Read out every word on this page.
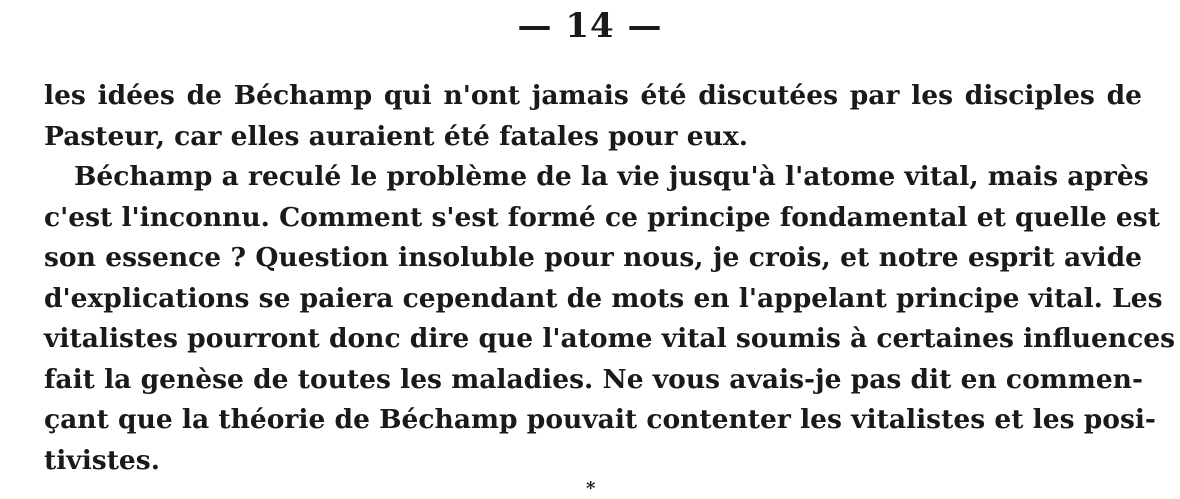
— 14 —
les idées de Béchamp qui n'ont jamais été discutées par les disciples de
Pasteur, car elles auraient été fatales pour eux.
Béchamp a reculé le problème de la vie jusqu'à l'atome vital, mais après
c'est l'inconnu. Comment s'est formé ce principe fondamental et quelle est
son essence ? Question insoluble pour nous, je crois, et notre esprit avide
d'explications se paiera cependant de mots en l'appelant principe vital. Les
vitalistes pourront donc dire que l'atome vital soumis à certaines influences
fait la genèse de toutes les maladies. Ne vous avais-je pas dit en commen-
çant que la théorie de Béchamp pouvait contenter les vitalistes et les posi-
tivistes.
*
